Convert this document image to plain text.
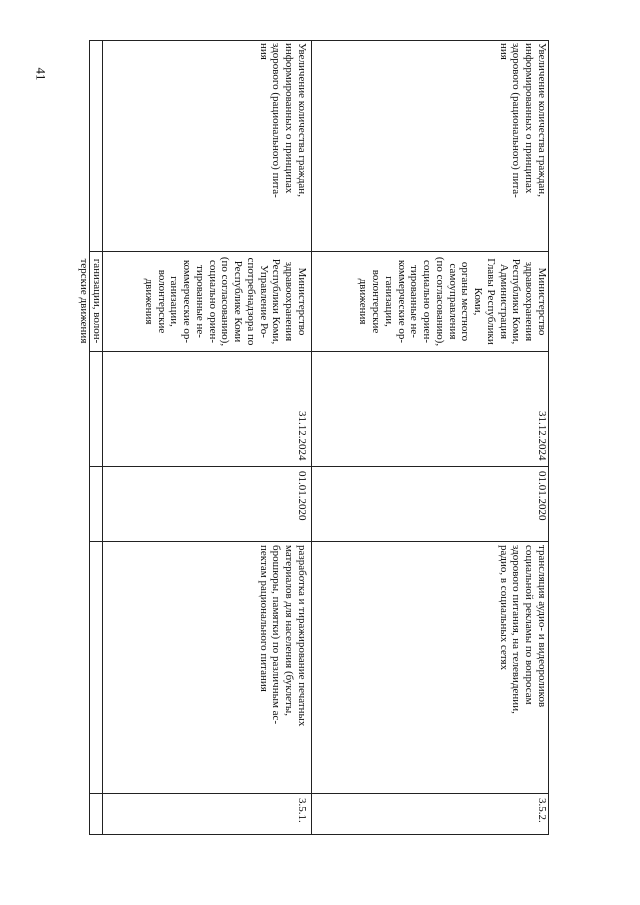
41
ганизации, волон-
терские движения
Увеличение количества граждан,
информированных о принципах
здорового (рационального) пита-
ния
Министерство
здравоохранения
Республики Коми,
Управление Ро-
спотребнадзора по
Республике Коми
(по согласованию),
социально ориен-
тированные не-
коммерческие ор-
ганизации,
волонтерские
движения
31.12.2024
01.01.2020
разработка и тиражирование печатных
материалов для населения (буклеты,
брошюры, памятки) по различным ас-
пектам рационального питания
3.5.1.
Увеличение количества граждан,
информированных о принципах
здорового (рационального) пита-
ния
Министерство
здравоохранения
Республики Коми,
Администрация
Главы Республики
Коми,
органы местного
самоуправления
(по согласованию),
социально ориен-
тированные не-
коммерческие ор-
ганизации,
волонтерские
движения
31.12.2024
01.01.2020
трансляция аудио- и видеороликов
социальной рекламы по вопросам
здорового питания, на телевидении,
радио, в социальных сетях
3.5.2.
